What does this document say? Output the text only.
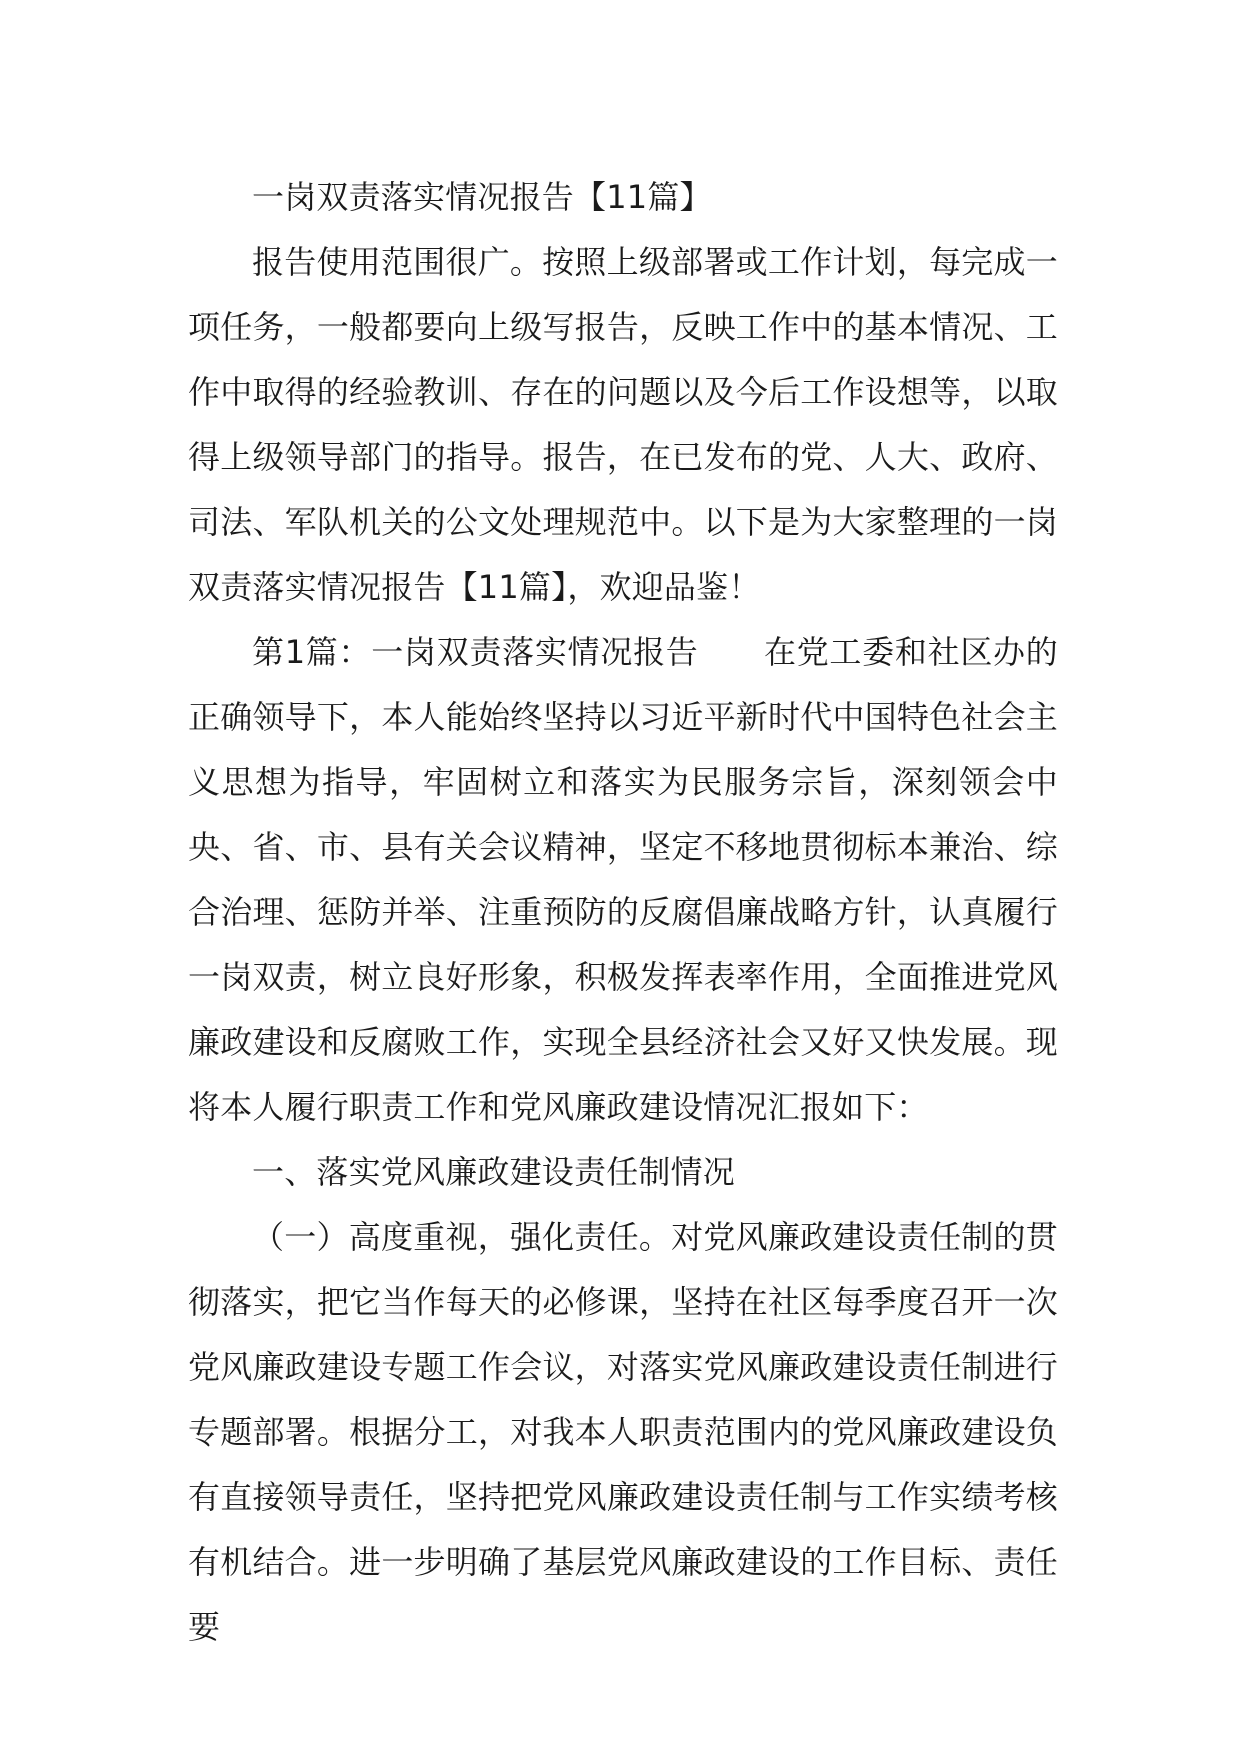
一岗双责落实情况报告【11篇】

报告使用范围很广。按照上级部署或工作计划，每完成一项任务，一般都要向上级写报告，反映工作中的基本情况、工作中取得的经验教训、存在的问题以及今后工作设想等，以取得上级领导部门的指导。报告，在已发布的党、人大、政府、司法、军队机关的公文处理规范中。以下是为大家整理的一岗双责落实情况报告【11篇】，欢迎品鉴！

第1篇：一岗双责落实情况报告　　在党工委和社区办的正确领导下，本人能始终坚持以习近平新时代中国特色社会主义思想为指导，牢固树立和落实为民服务宗旨，深刻领会中央、省、市、县有关会议精神，坚定不移地贯彻标本兼治、综合治理、惩防并举、注重预防的反腐倡廉战略方针，认真履行一岗双责，树立良好形象，积极发挥表率作用，全面推进党风廉政建设和反腐败工作，实现全县经济社会又好又快发展。现将本人履行职责工作和党风廉政建设情况汇报如下：

一、落实党风廉政建设责任制情况

（一）高度重视，强化责任。对党风廉政建设责任制的贯彻落实，把它当作每天的必修课，坚持在社区每季度召开一次党风廉政建设专题工作会议，对落实党风廉政建设责任制进行专题部署。根据分工，对我本人职责范围内的党风廉政建设负有直接领导责任，坚持把党风廉政建设责任制与工作实绩考核有机结合。进一步明确了基层党风廉政建设的工作目标、责任要
